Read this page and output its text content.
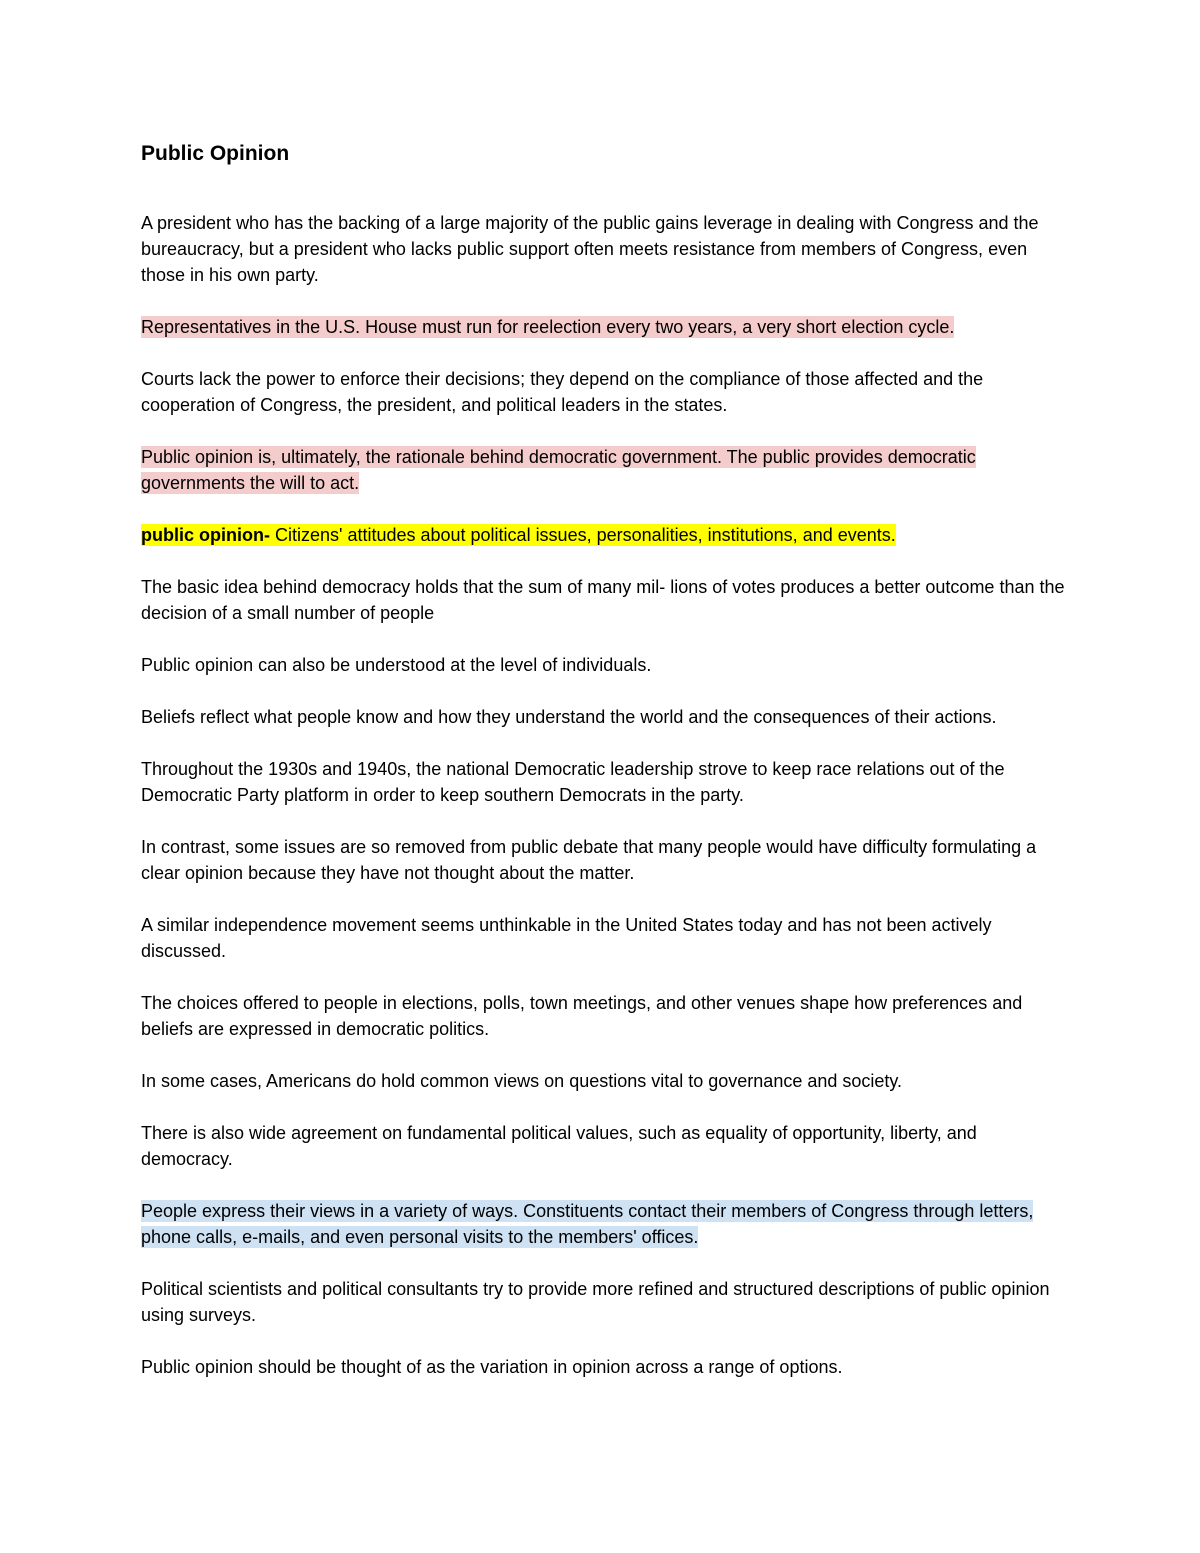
Public Opinion

A president who has the backing of a large majority of the public gains leverage in dealing with Congress and the bureaucracy, but a president who lacks public support often meets resistance from members of Congress, even those in his own party.

Representatives in the U.S. House must run for reelection every two years, a very short election cycle.

Courts lack the power to enforce their decisions; they depend on the compliance of those affected and the cooperation of Congress, the president, and political leaders in the states.

Public opinion is, ultimately, the rationale behind democratic government. The public provides democratic governments the will to act.

public opinion- Citizens' attitudes about political issues, personalities, institutions, and events.

The basic idea behind democracy holds that the sum of many mil- lions of votes produces a better outcome than the decision of a small number of people

Public opinion can also be understood at the level of individuals.

Beliefs reflect what people know and how they understand the world and the consequences of their actions.

Throughout the 1930s and 1940s, the national Democratic leadership strove to keep race relations out of the Democratic Party platform in order to keep southern Democrats in the party.

In contrast, some issues are so removed from public debate that many people would have difficulty formulating a clear opinion because they have not thought about the matter.

A similar independence movement seems unthinkable in the United States today and has not been actively discussed.

The choices offered to people in elections, polls, town meetings, and other venues shape how preferences and beliefs are expressed in democratic politics.

In some cases, Americans do hold common views on questions vital to governance and society.

There is also wide agreement on fundamental political values, such as equality of opportunity, liberty, and democracy.

People express their views in a variety of ways. Constituents contact their members of Congress through letters, phone calls, e-mails, and even personal visits to the members' offices.

Political scientists and political consultants try to provide more refined and structured descriptions of public opinion using surveys.

Public opinion should be thought of as the variation in opinion across a range of options.
